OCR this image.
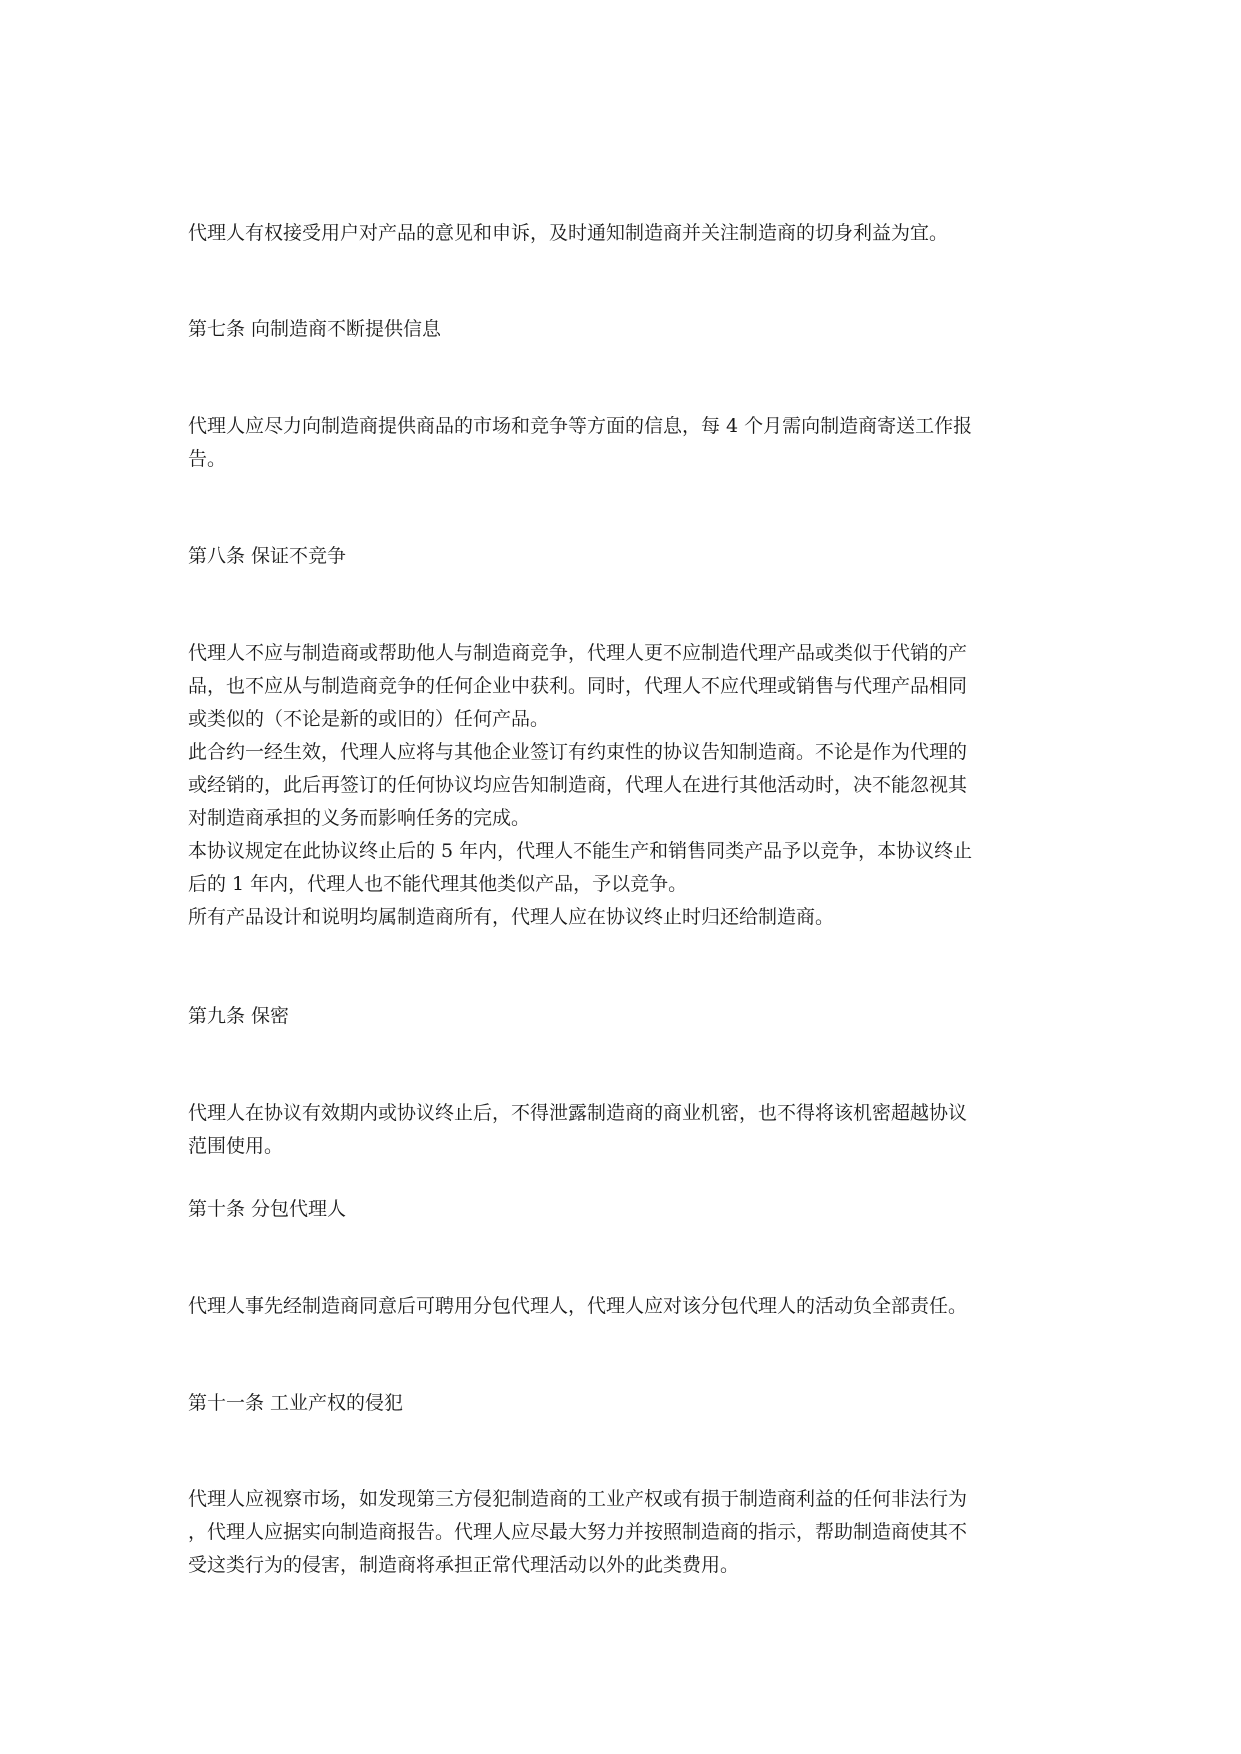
代理人有权接受用户对产品的意见和申诉，及时通知制造商并关注制造商的切身利益为宜。

第七条 向制造商不断提供信息

代理人应尽力向制造商提供商品的市场和竞争等方面的信息，每 4 个月需向制造商寄送工作报
告。

第八条 保证不竞争

代理人不应与制造商或帮助他人与制造商竞争，代理人更不应制造代理产品或类似于代销的产
品，也不应从与制造商竞争的任何企业中获利。同时，代理人不应代理或销售与代理产品相同
或类似的（不论是新的或旧的）任何产品。
此合约一经生效，代理人应将与其他企业签订有约束性的协议告知制造商。不论是作为代理的
或经销的，此后再签订的任何协议均应告知制造商，代理人在进行其他活动时，决不能忽视其
对制造商承担的义务而影响任务的完成。
本协议规定在此协议终止后的 5 年内，代理人不能生产和销售同类产品予以竞争，本协议终止
后的 1 年内，代理人也不能代理其他类似产品，予以竞争。
所有产品设计和说明均属制造商所有，代理人应在协议终止时归还给制造商。

第九条 保密

代理人在协议有效期内或协议终止后，不得泄露制造商的商业机密，也不得将该机密超越协议
范围使用。

第十条 分包代理人

代理人事先经制造商同意后可聘用分包代理人，代理人应对该分包代理人的活动负全部责任。

第十一条 工业产权的侵犯

代理人应视察市场，如发现第三方侵犯制造商的工业产权或有损于制造商利益的任何非法行为
，代理人应据实向制造商报告。代理人应尽最大努力并按照制造商的指示，帮助制造商使其不
受这类行为的侵害，制造商将承担正常代理活动以外的此类费用。
